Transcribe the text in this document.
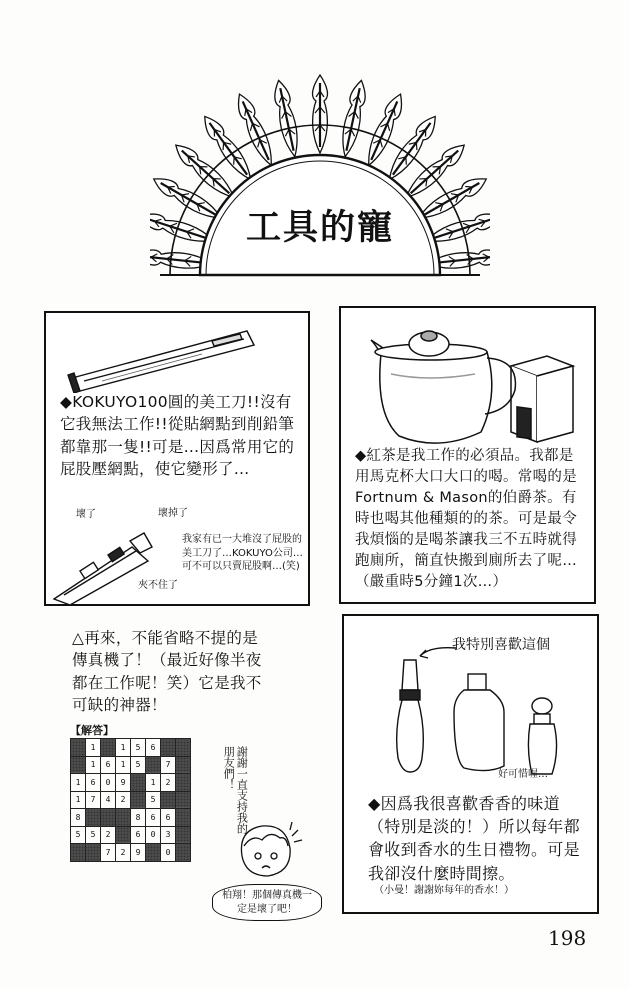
工具的寵
◆KOKUYO100圓的美工刀!!沒有它我無法工作!!從貼網點到削鉛筆都靠那一隻!!可是…因爲常用它的屁股壓網點，使它變形了…
壞了	壞掉了
夾不住了
我家有已一大堆沒了屁股的美工刀了…KOKUYO公司…可不可以只賣屁股啊…(笑)
◆紅茶是我工作的必須品。我都是用馬克杯大口大口的喝。常喝的是Fortnum & Mason的伯爵茶。有時也喝其他種類的的茶。可是最令我煩惱的是喝茶讓我三不五時就得跑廁所，簡直快搬到廁所去了呢…（嚴重時5分鐘1次…）
△再來，不能省略不提的是傳真機了！（最近好像半夜都在工作呢！笑）它是我不可缺的神器！
【解答】
	1		1	5	6		
	1	6	1	5		7	
1	6	0	9		1	2	
1	7	4	2		5		
8				8	6	6	
5	5	2		6	0	3	
		7	2	9		0	
謝謝一直支持我的朋友們！
柏翔！那個傳真機一定是壞了吧！
我特別喜歡這個
好可惜喔…
◆因爲我很喜歡香香的味道（特別是淡的！）所以每年都會收到香水的生日禮物。可是我卻沒什麼時間擦。
（小曼！謝謝妳每年的香水！）
198
